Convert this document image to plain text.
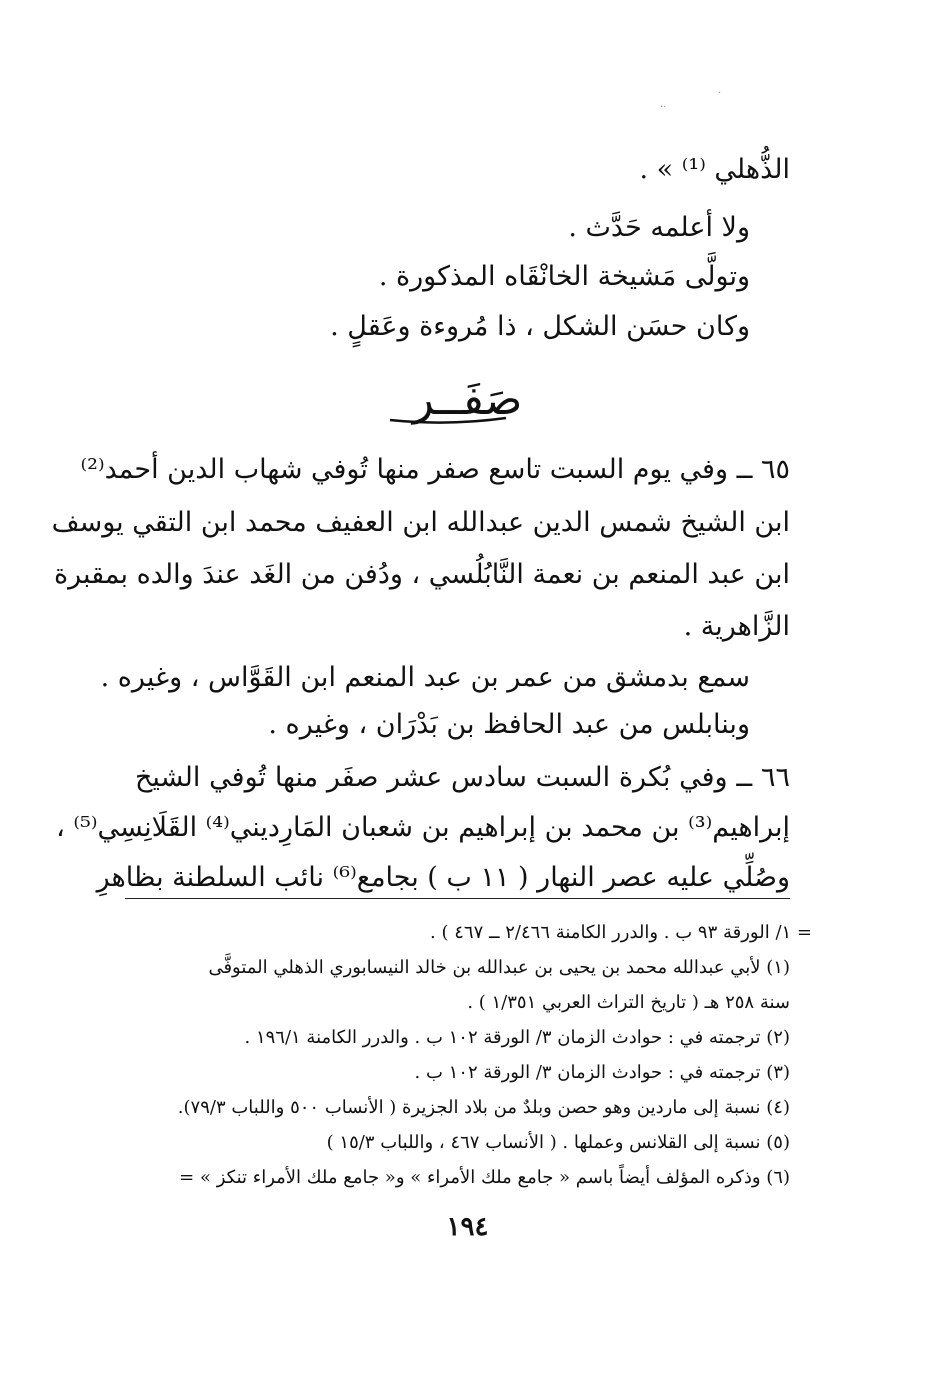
·
··
الذُّهلي ⁽¹⁾ » .
ولا أعلمه حَدَّث .
وتولَّى مَشيخة الخانْقَاه المذكورة .
وكان حسَن الشكل ، ذا مُروءة وعَقلٍ .
صَفَــر
٦٥ ــ وفي يوم السبت تاسع صفر منها تُوفي شهاب الدين أحمد⁽²⁾
ابن الشيخ شمس الدين عبدالله ابن العفيف محمد ابن التقي يوسف
ابن عبد المنعم بن نعمة النَّابُلُسي ، ودُفن من الغَد عندَ والده بمقبرة
الزَّاهرية .
سمع بدمشق من عمر بن عبد المنعم ابن القَوَّاس ، وغيره .
وبنابلس من عبد الحافظ بن بَدْرَان ، وغيره .
٦٦ ــ وفي بُكرة السبت سادس عشر صفَر منها تُوفي الشيخ
إبراهيم⁽³⁾ بن محمد بن إبراهيم بن شعبان المَارِديني⁽⁴⁾ القَلَانِسِي⁽⁵⁾ ،
وصُلِّي عليه عصر النهار ( ١١ ب ) بجامع⁽⁶⁾ نائب السلطنة بظاهرِ
= ١/ الورقة ٩٣ ب . والدرر الكامنة ٢/٤٦٦ ــ ٤٦٧ ) .
(١) لأبي عبدالله محمد بن يحيى بن عبدالله بن خالد النيسابوري الذهلي المتوفَّى
سنة ٢٥٨ هـ ( تاريخ التراث العربي ١/٣٥١ ) .
(٢) ترجمته في : حوادث الزمان ٣/ الورقة ١٠٢ ب . والدرر الكامنة ١٩٦/١ .
(٣) ترجمته في : حوادث الزمان ٣/ الورقة ١٠٢ ب .
(٤) نسبة إلى ماردين وهو حصن وبلدٌ من بلاد الجزيرة ( الأنساب ٥٠٠ واللباب ٧٩/٣).
(٥) نسبة إلى القلانس وعملها . ( الأنساب ٤٦٧ ، واللباب ١٥/٣ )
(٦) وذكره المؤلف أيضاً باسم « جامع ملك الأمراء » و« جامع ملك الأمراء تنكز » =
١٩٤
